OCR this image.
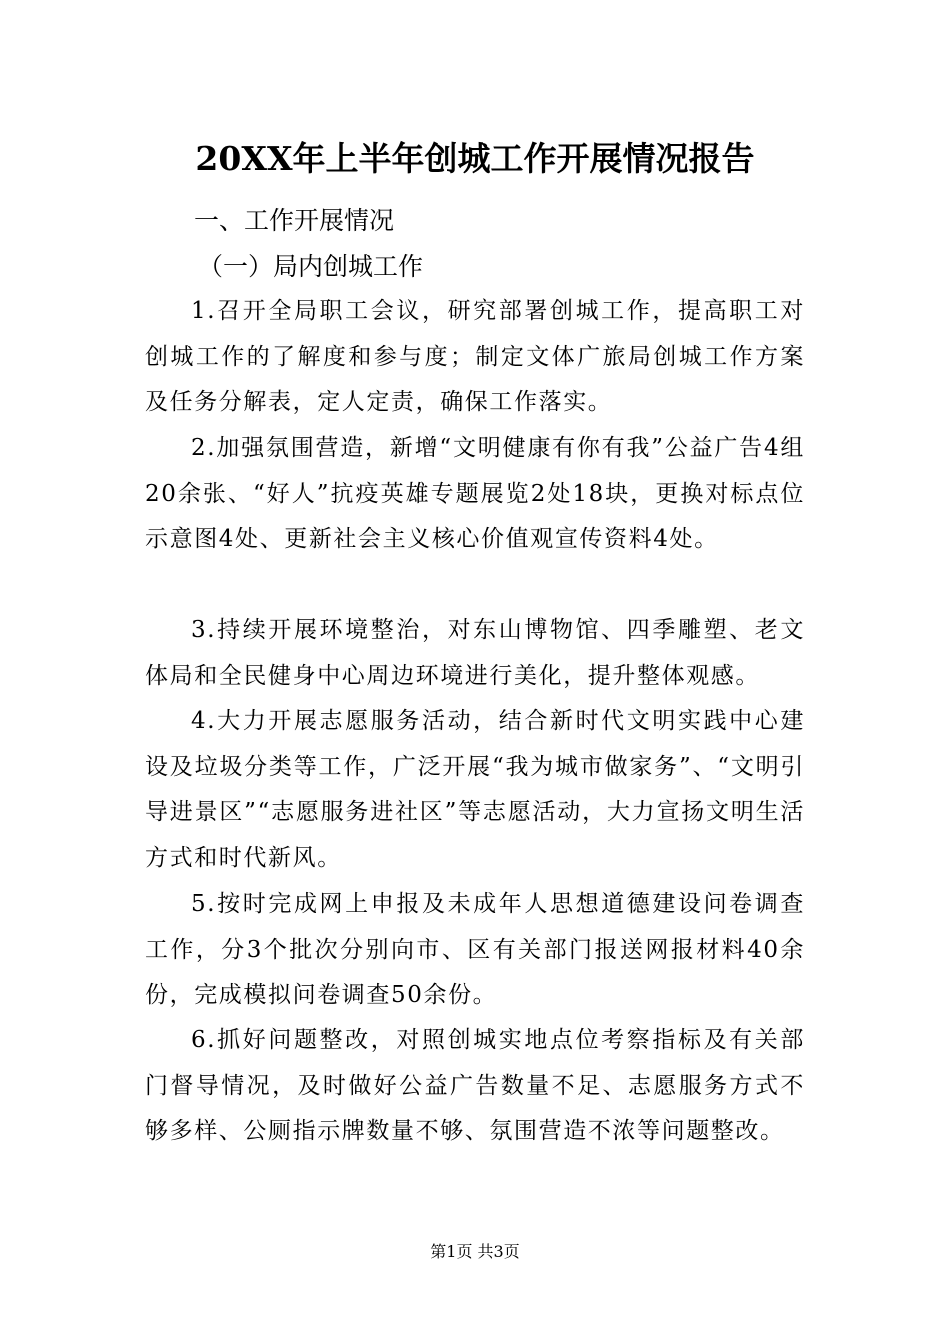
20XX年上半年创城工作开展情况报告
一、工作开展情况
（一）局内创城工作

1.召开全局职工会议，研究部署创城工作，提高职工对创城工作的了解度和参与度；制定文体广旅局创城工作方案及任务分解表，定人定责，确保工作落实。

2.加强氛围营造，新增“文明健康有你有我”公益广告4组20余张、“好人”抗疫英雄专题展览2处18块，更换对标点位示意图4处、更新社会主义核心价值观宣传资料4处。

3.持续开展环境整治，对东山博物馆、四季雕塑、老文体局和全民健身中心周边环境进行美化，提升整体观感。

4.大力开展志愿服务活动，结合新时代文明实践中心建设及垃圾分类等工作，广泛开展“我为城市做家务”、“文明引导进景区”“志愿服务进社区”等志愿活动，大力宣扬文明生活方式和时代新风。

5.按时完成网上申报及未成年人思想道德建设问卷调查工作，分3个批次分别向市、区有关部门报送网报材料40余份，完成模拟问卷调查50余份。

6.抓好问题整改，对照创城实地点位考察指标及有关部门督导情况，及时做好公益广告数量不足、志愿服务方式不够多样、公厕指示牌数量不够、氛围营造不浓等问题整改。

第1页 共3页
